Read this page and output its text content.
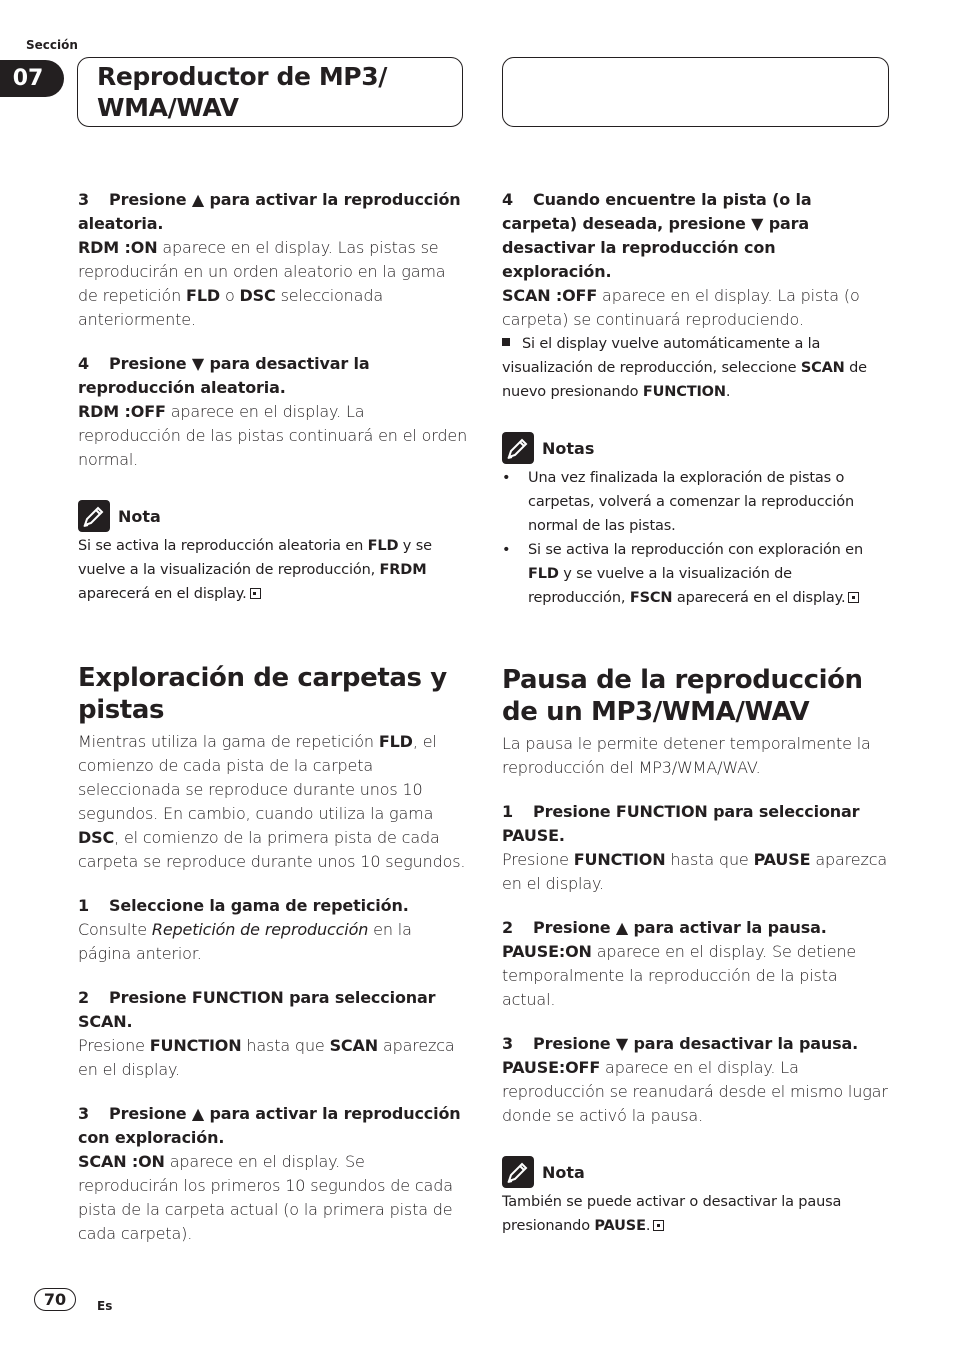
Sección
07	Reproductor de MP3/
WMA/WAV

3 Presione ▲ para activar la reproducción aleatoria.

RDM :ON aparece en el display. Las pistas se reproducirán en un orden aleatorio en la gama de repetición FLD o DSC seleccionada anteriormente.

4 Presione ▼ para desactivar la reproducción aleatoria.

RDM :OFF aparece en el display. La reproducción de las pistas continuará en el orden normal.

Nota

Si se activa la reproducción aleatoria en FLD y se vuelve a la visualización de reproducción, FRDM aparecerá en el display.

Exploración de carpetas y pistas

Mientras utiliza la gama de repetición FLD, el comienzo de cada pista de la carpeta seleccionada se reproduce durante unos 10 segundos. En cambio, cuando utiliza la gama DSC, el comienzo de la primera pista de cada carpeta se reproduce durante unos 10 segundos.

1 Seleccione la gama de repetición.

Consulte Repetición de reproducción en la página anterior.

2 Presione FUNCTION para seleccionar SCAN.

Presione FUNCTION hasta que SCAN aparezca en el display.

3 Presione ▲ para activar la reproducción con exploración.

SCAN :ON aparece en el display. Se reproducirán los primeros 10 segundos de cada pista de la carpeta actual (o la primera pista de cada carpeta).

4 Cuando encuentre la pista (o la carpeta) deseada, presione ▼ para desactivar la reproducción con exploración.

SCAN :OFF aparece en el display. La pista (o carpeta) se continuará reproduciendo.

Si el display vuelve automáticamente a la visualización de reproducción, seleccione SCAN de nuevo presionando FUNCTION.

Notas
• Una vez finalizada la exploración de pistas o carpetas, volverá a comenzar la reproducción normal de las pistas.
• Si se activa la reproducción con exploración en FLD y se vuelve a la visualización de reproducción, FSCN aparecerá en el display.

Pausa de la reproducción de un MP3/WMA/WAV

La pausa le permite detener temporalmente la reproducción del MP3/WMA/WAV.

1 Presione FUNCTION para seleccionar PAUSE.

Presione FUNCTION hasta que PAUSE aparezca en el display.

2 Presione ▲ para activar la pausa.

PAUSE:ON aparece en el display. Se detiene temporalmente la reproducción de la pista actual.

3 Presione ▼ para desactivar la pausa.

PAUSE:OFF aparece en el display. La reproducción se reanudará desde el mismo lugar donde se activó la pausa.

Nota

También se puede activar o desactivar la pausa presionando PAUSE.

70	Es
